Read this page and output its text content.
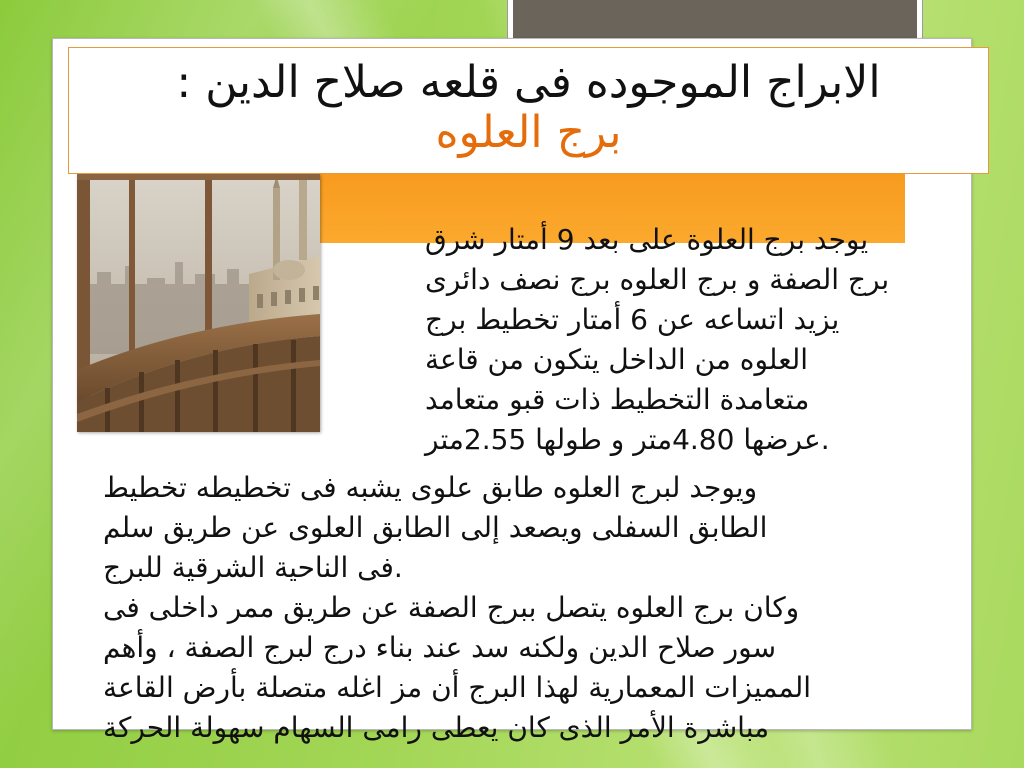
الابراج الموجوده فى قلعه صلاح الدين :
برج العلوه
يوجد برج العلوة على بعد 9 أمتار شرق
برج الصفة و برج العلوه برج نصف دائرى
يزيد اتساعه عن 6 أمتار تخطيط برج
العلوه من الداخل يتكون من قاعة
متعامدة التخطيط ذات قبو متعامد
عرضها 4.80متر و طولها 2.55متر.
ويوجد لبرج العلوه طابق علوى يشبه فى تخطيطه تخطيط
الطابق السفلى ويصعد إلى الطابق العلوى عن طريق سلم
فى الناحية الشرقية للبرج.
وكان برج العلوه يتصل ببرج الصفة عن طريق ممر داخلى فى
سور صلاح الدين ولكنه سد عند بناء درج لبرج الصفة ، وأهم
المميزات المعمارية لهذا البرج أن مز اغله متصلة بأرض القاعة
مباشرة الأمر الذى كان يعطى رامى السهام سهولة الحركة
